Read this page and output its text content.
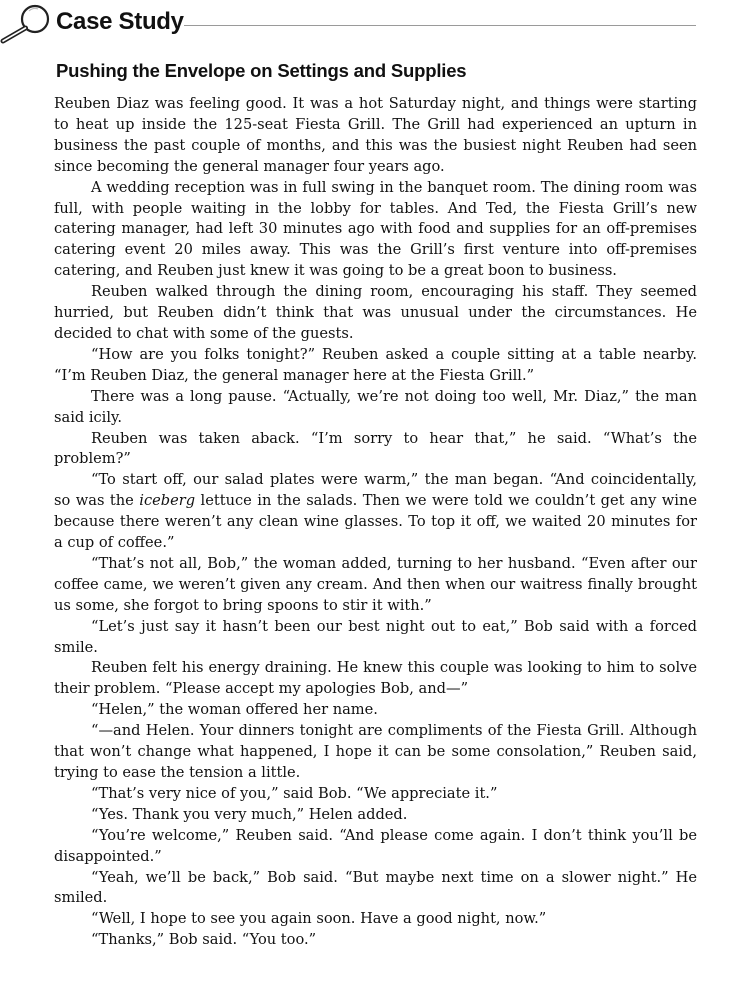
Case Study
Pushing the Envelope on Settings and Supplies

Reuben Diaz was feeling good. It was a hot Saturday night, and things were starting to heat up inside the 125-seat Fiesta Grill. The Grill had experienced an upturn in business the past couple of months, and this was the busiest night Reuben had seen since becoming the general manager four years ago.

A wedding reception was in full swing in the banquet room. The dining room was full, with people waiting in the lobby for tables. And Ted, the Fiesta Grill’s new catering manager, had left 30 minutes ago with food and supplies for an off-premises catering event 20 miles away. This was the Grill’s first venture into off-premises catering, and Reuben just knew it was going to be a great boon to business.

Reuben walked through the dining room, encouraging his staff. They seemed hurried, but Reuben didn’t think that was unusual under the circumstances. He decided to chat with some of the guests.

“How are you folks tonight?” Reuben asked a couple sitting at a table nearby. “I’m Reuben Diaz, the general manager here at the Fiesta Grill.”

There was a long pause. “Actually, we’re not doing too well, Mr. Diaz,” the man said icily.

Reuben was taken aback. “I’m sorry to hear that,” he said. “What’s the problem?”

“To start off, our salad plates were warm,” the man began. “And coincidentally, so was the iceberg lettuce in the salads. Then we were told we couldn’t get any wine because there weren’t any clean wine glasses. To top it off, we waited 20 minutes for a cup of coffee.”

“That’s not all, Bob,” the woman added, turning to her husband. “Even after our coffee came, we weren’t given any cream. And then when our waitress finally brought us some, she forgot to bring spoons to stir it with.”

“Let’s just say it hasn’t been our best night out to eat,” Bob said with a forced smile.

Reuben felt his energy draining. He knew this couple was looking to him to solve their problem. “Please accept my apologies Bob, and—”

“Helen,” the woman offered her name.

“—and Helen. Your dinners tonight are compliments of the Fiesta Grill. Although that won’t change what happened, I hope it can be some consolation,” Reuben said, trying to ease the tension a little.

“That’s very nice of you,” said Bob. “We appreciate it.”

“Yes. Thank you very much,” Helen added.

“You’re welcome,” Reuben said. “And please come again. I don’t think you’ll be disappointed.”

“Yeah, we’ll be back,” Bob said. “But maybe next time on a slower night.” He smiled.

“Well, I hope to see you again soon. Have a good night, now.”

“Thanks,” Bob said. “You too.”
